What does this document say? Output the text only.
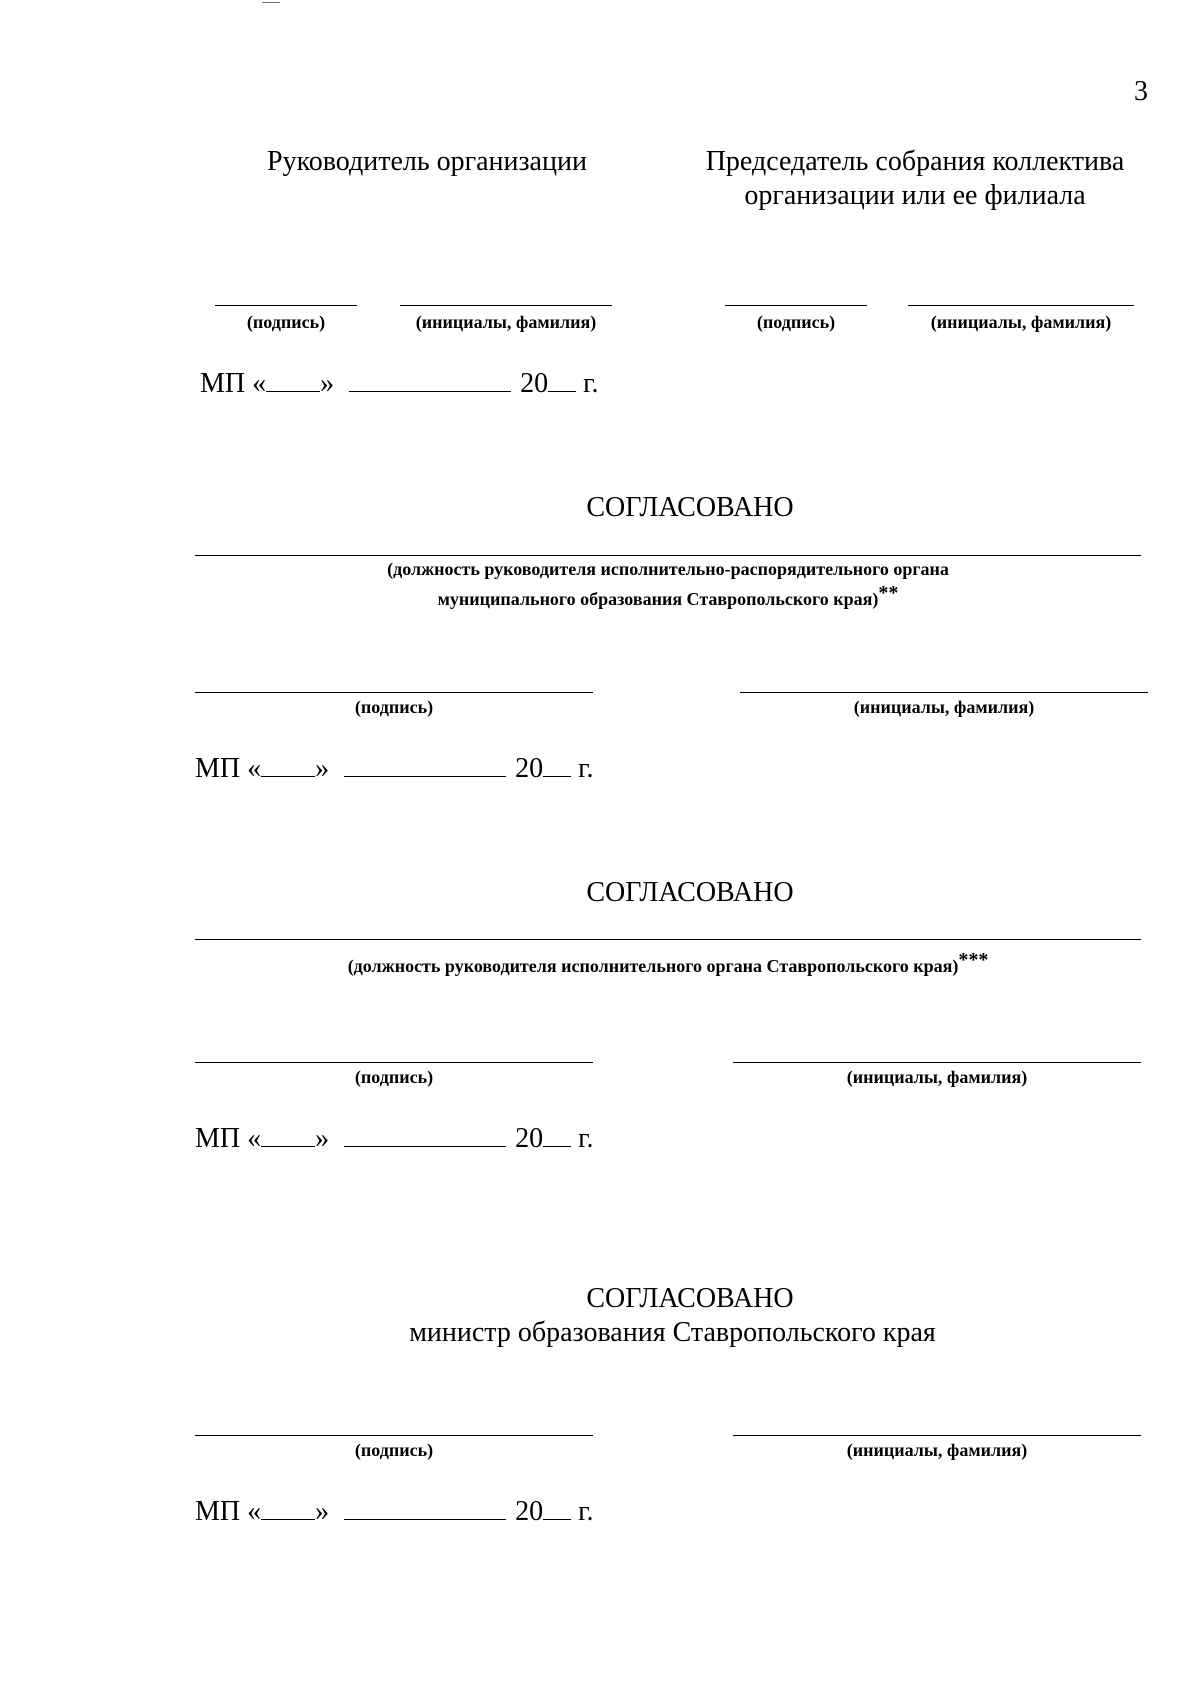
3
Руководитель организации	Председатель собрания коллектива
организации или ее филиала
(подпись)	(инициалы, фамилия)	(подпись)	(инициалы, фамилия)
МП « »	20 г.
СОГЛАСОВАНО
(должность руководителя исполнительно-распорядительного органа
муниципального образования Ставропольского края)**
(подпись)	(инициалы, фамилия)
МП « »	20 г.
СОГЛАСОВАНО
(должность руководителя исполнительного органа Ставропольского края)***
(подпись)	(инициалы, фамилия)
МП « »	20 г.
СОГЛАСОВАНО
министр образования Ставропольского края
(подпись)	(инициалы, фамилия)
МП « »	20 г.
